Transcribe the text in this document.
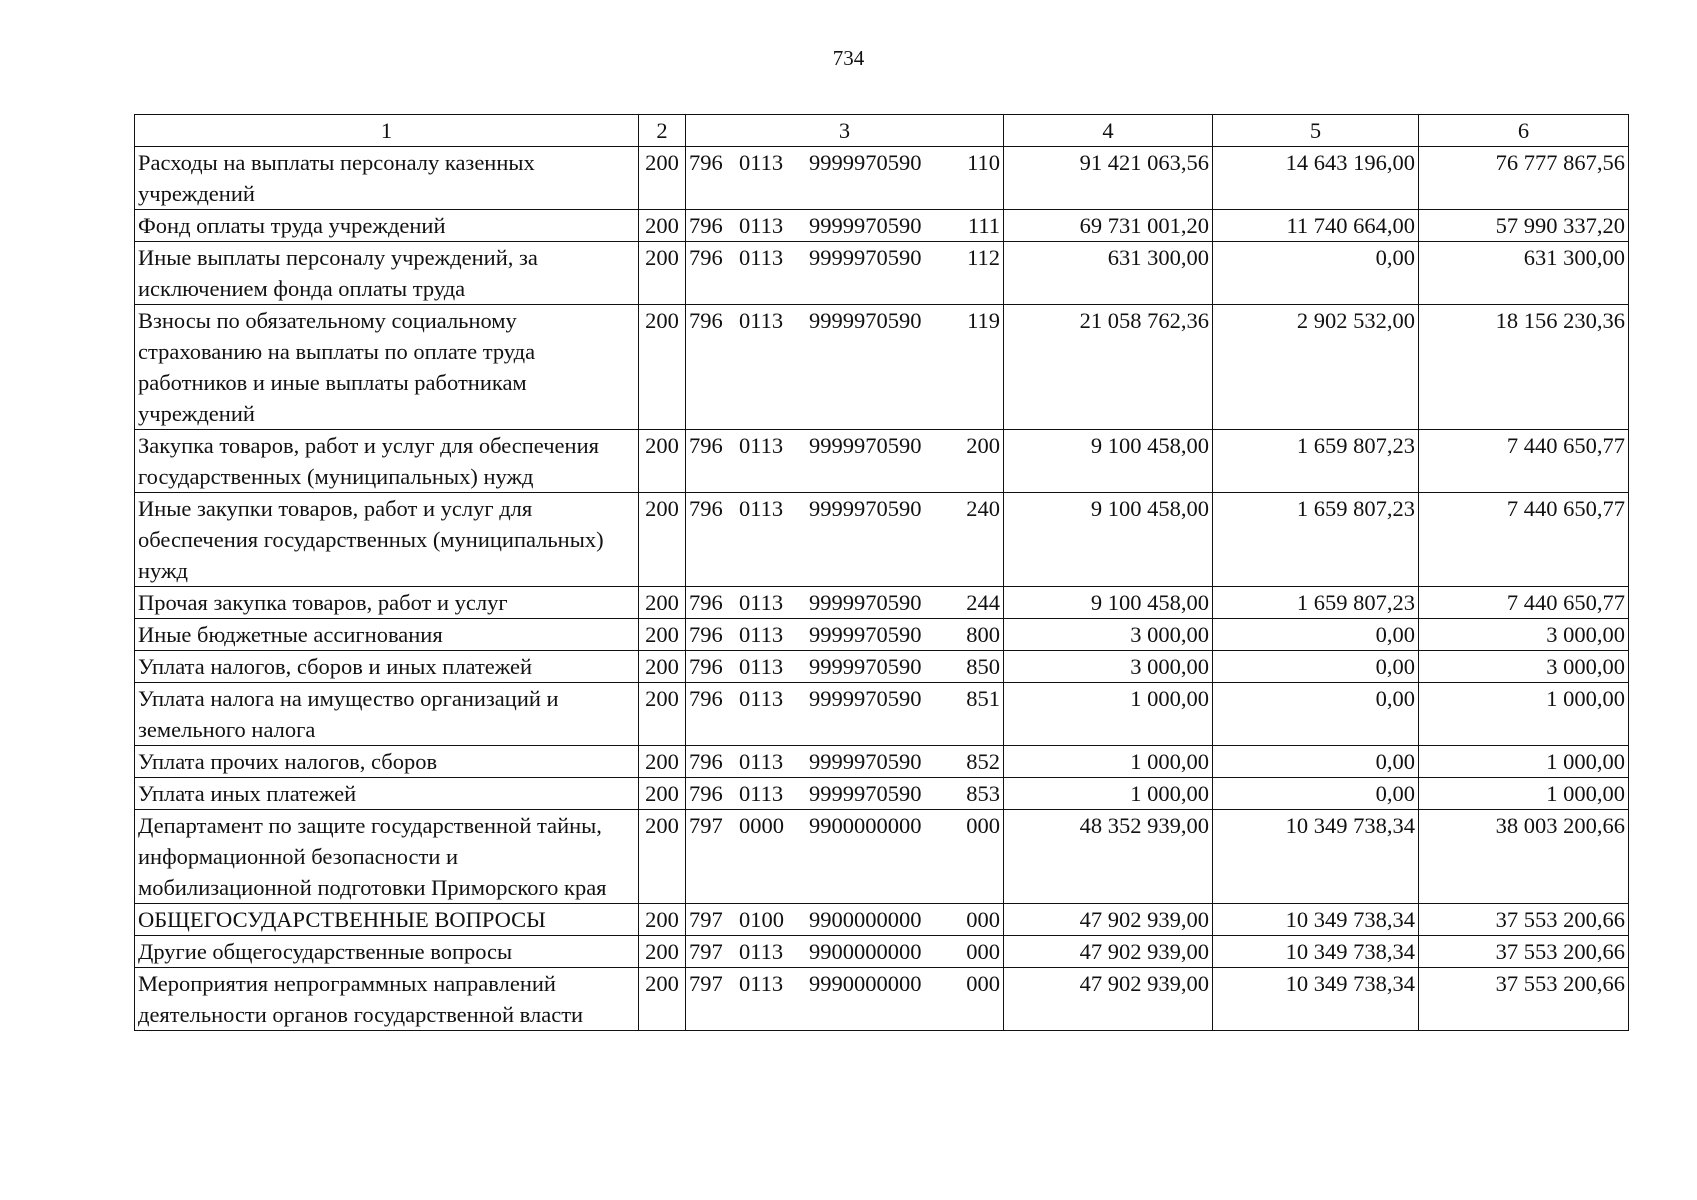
734
1	2	3	4	5	6
Расходы на выплаты персоналу казенных учреждений	200	796 0113 9999970590 110	91 421 063,56	14 643 196,00	76 777 867,56
Фонд оплаты труда учреждений	200	796 0113 9999970590 111	69 731 001,20	11 740 664,00	57 990 337,20
Иные выплаты персоналу учреждений, за исключением фонда оплаты труда	200	796 0113 9999970590 112	631 300,00	0,00	631 300,00
Взносы по обязательному социальному страхованию на выплаты по оплате труда работников и иные выплаты работникам учреждений	200	796 0113 9999970590 119	21 058 762,36	2 902 532,00	18 156 230,36
Закупка товаров, работ и услуг для обеспечения государственных (муниципальных) нужд	200	796 0113 9999970590 200	9 100 458,00	1 659 807,23	7 440 650,77
Иные закупки товаров, работ и услуг для обеспечения государственных (муниципальных) нужд	200	796 0113 9999970590 240	9 100 458,00	1 659 807,23	7 440 650,77
Прочая закупка товаров, работ и услуг	200	796 0113 9999970590 244	9 100 458,00	1 659 807,23	7 440 650,77
Иные бюджетные ассигнования	200	796 0113 9999970590 800	3 000,00	0,00	3 000,00
Уплата налогов, сборов и иных платежей	200	796 0113 9999970590 850	3 000,00	0,00	3 000,00
Уплата налога на имущество организаций и земельного налога	200	796 0113 9999970590 851	1 000,00	0,00	1 000,00
Уплата прочих налогов, сборов	200	796 0113 9999970590 852	1 000,00	0,00	1 000,00
Уплата иных платежей	200	796 0113 9999970590 853	1 000,00	0,00	1 000,00
Департамент по защите государственной тайны, информационной безопасности и мобилизационной подготовки Приморского края	200	797 0000 9900000000 000	48 352 939,00	10 349 738,34	38 003 200,66
ОБЩЕГОСУДАРСТВЕННЫЕ ВОПРОСЫ	200	797 0100 9900000000 000	47 902 939,00	10 349 738,34	37 553 200,66
Другие общегосударственные вопросы	200	797 0113 9900000000 000	47 902 939,00	10 349 738,34	37 553 200,66
Мероприятия непрограммных направлений деятельности органов государственной власти	200	797 0113 9990000000 000	47 902 939,00	10 349 738,34	37 553 200,66
